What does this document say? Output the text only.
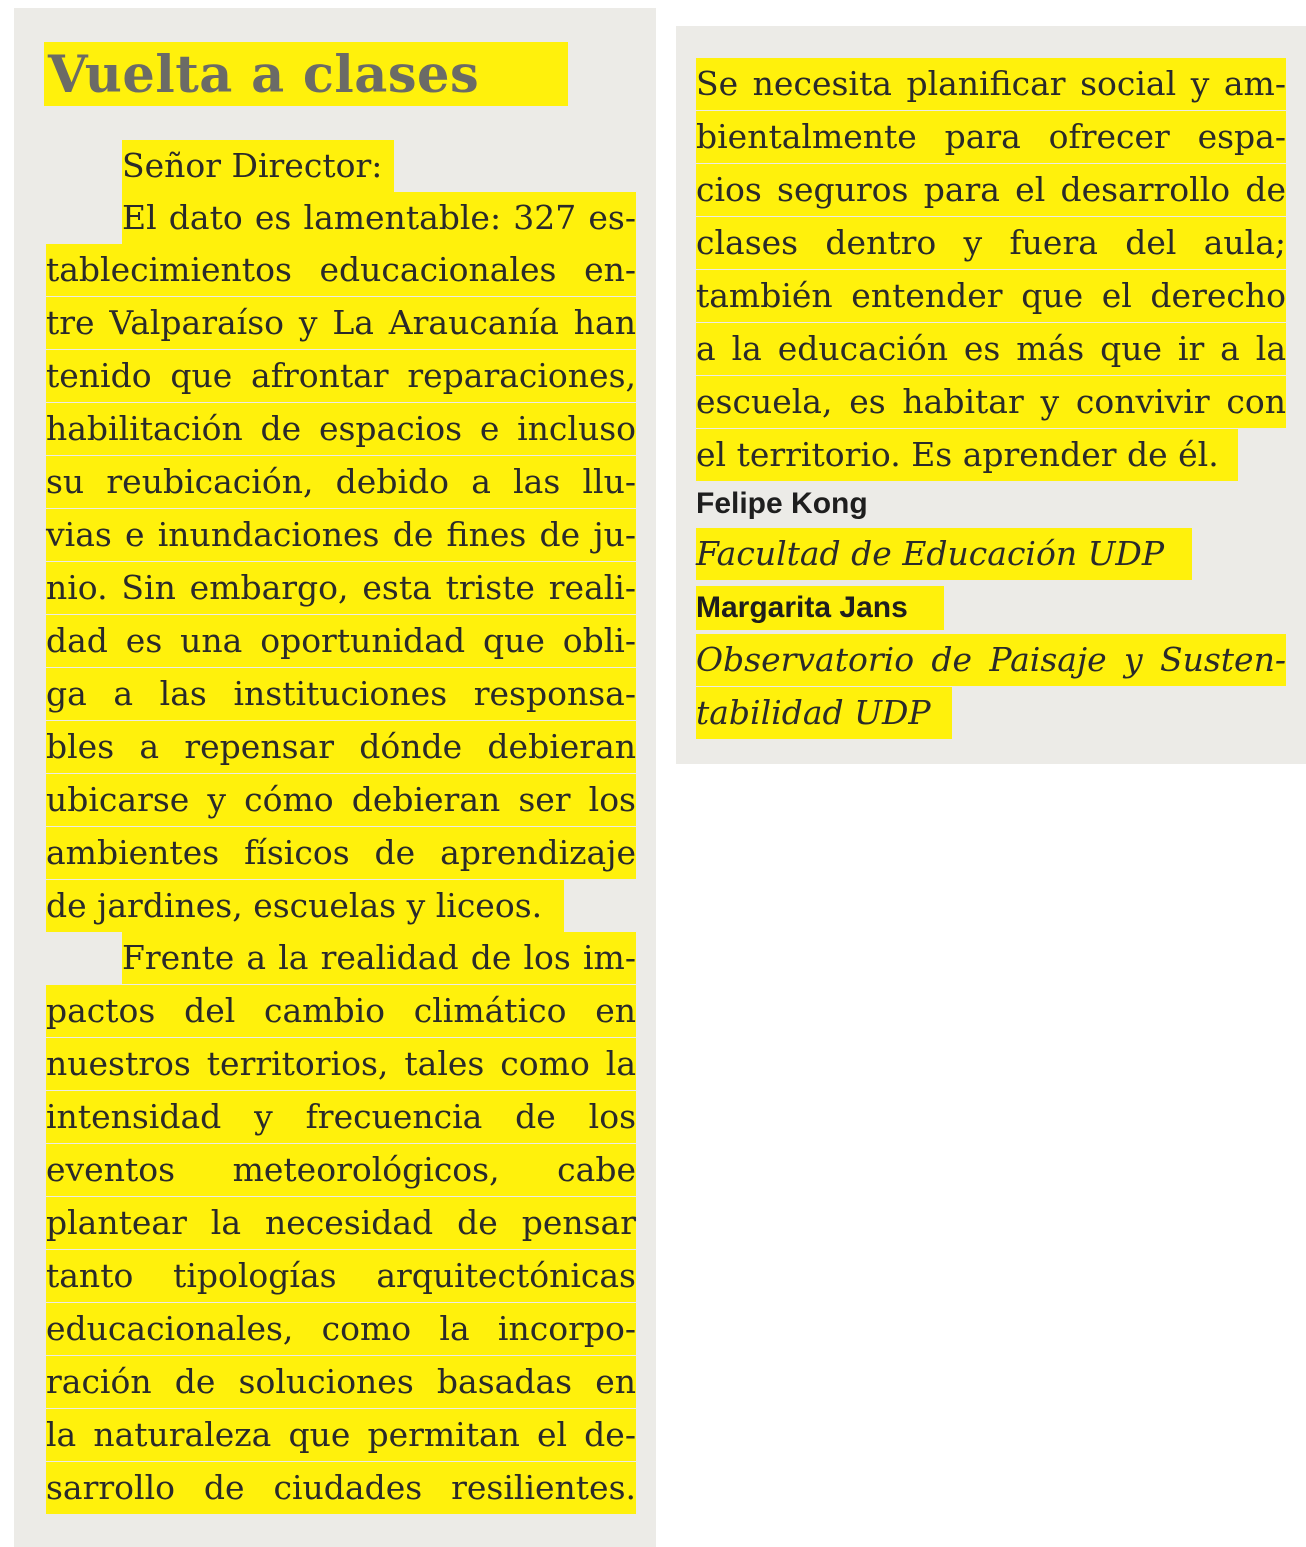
Vuelta a clases
Señor Director:
El dato es lamentable: 327 es-
tablecimientos educacionales en-
tre Valparaíso y La Araucanía han
tenido que afrontar reparaciones,
habilitación de espacios e incluso
su reubicación, debido a las llu-
vias e inundaciones de fines de ju-
nio. Sin embargo, esta triste reali-
dad es una oportunidad que obli-
ga a las instituciones responsa-
bles a repensar dónde debieran
ubicarse y cómo debieran ser los
ambientes físicos de aprendizaje
de jardines, escuelas y liceos.
Frente a la realidad de los im-
pactos del cambio climático en
nuestros territorios, tales como la
intensidad y frecuencia de los
eventos meteorológicos, cabe
plantear la necesidad de pensar
tanto tipologías arquitectónicas
educacionales, como la incorpo-
ración de soluciones basadas en
la naturaleza que permitan el de-
sarrollo de ciudades resilientes.
Se necesita planificar social y am-
bientalmente para ofrecer espa-
cios seguros para el desarrollo de
clases dentro y fuera del aula;
también entender que el derecho
a la educación es más que ir a la
escuela, es habitar y convivir con
el territorio. Es aprender de él.
Felipe Kong
Facultad de Educación UDP
Margarita Jans
Observatorio de Paisaje y Susten-
tabilidad UDP
